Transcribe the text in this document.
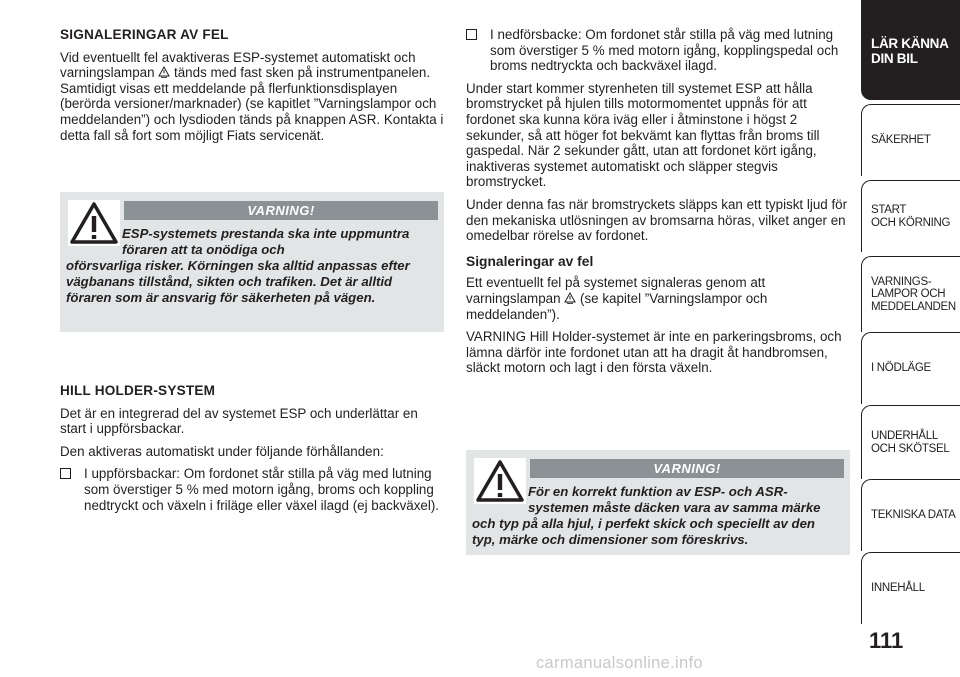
SIGNALERINGAR AV FEL

Vid eventuellt fel avaktiveras ESP-systemet automatiskt och varningslampan tänds med fast sken på instrumentpanelen. Samtidigt visas ett meddelande på flerfunktionsdisplayen (berörda versioner/marknader) (se kapitlet ”Varningslampor och meddelanden”) och lysdioden tänds på knappen ASR. Kontakta i detta fall så fort som möjligt Fiats servicenät.

VARNING!
ESP-systemets prestanda ska inte uppmuntra föraren att ta onödiga och
oförsvarliga risker. Körningen ska alltid anpassas efter vägbanans tillstånd, sikten och trafiken. Det är alltid föraren som är ansvarig för säkerheten på vägen.
HILL HOLDER-SYSTEM

Det är en integrerad del av systemet ESP och underlättar en start i uppförsbackar.

Den aktiveras automatiskt under följande förhållanden:

I uppförsbackar: Om fordonet står stilla på väg med lutning som överstiger 5 % med motorn igång, broms och koppling nedtryckt och växeln i friläge eller växel ilagd (ej backväxel).
I nedförsbacke: Om fordonet står stilla på väg med lutning som överstiger 5 % med motorn igång, kopplingspedal och broms nedtryckta och backväxel ilagd.

Under start kommer styrenheten till systemet ESP att hålla bromstrycket på hjulen tills motormomentet uppnås för att fordonet ska kunna köra iväg eller i åtminstone i högst 2 sekunder, så att höger fot bekvämt kan flyttas från broms till gaspedal. När 2 sekunder gått, utan att fordonet kört igång, inaktiveras systemet automatiskt och släpper stegvis bromstrycket.

Under denna fas när bromstryckets släpps kan ett typiskt ljud för den mekaniska utlösningen av bromsarna höras, vilket anger en omedelbar rörelse av fordonet.

Signaleringar av fel

Ett eventuellt fel på systemet signaleras genom att varningslampan (se kapitel ”Varningslampor och meddelanden”).

VARNING Hill Holder-systemet är inte en parkeringsbroms, och lämna därför inte fordonet utan att ha dragit åt handbromsen, släckt motorn och lagt i den första växeln.

VARNING!
För en korrekt funktion av ESP- och ASR-systemen måste däcken vara av samma märke
och typ på alla hjul, i perfekt skick och speciellt av den typ, märke och dimensioner som föreskrivs.
LÄR KÄNNA
DIN BIL
SÄKERHET
START
OCH KÖRNING
VARNINGS-
LAMPOR OCH
MEDDELANDEN
I NÖDLÄGE
UNDERHÅLL
OCH SKÖTSEL
TEKNISKA DATA
INNEHÅLL
111
carmanualsonline.info
